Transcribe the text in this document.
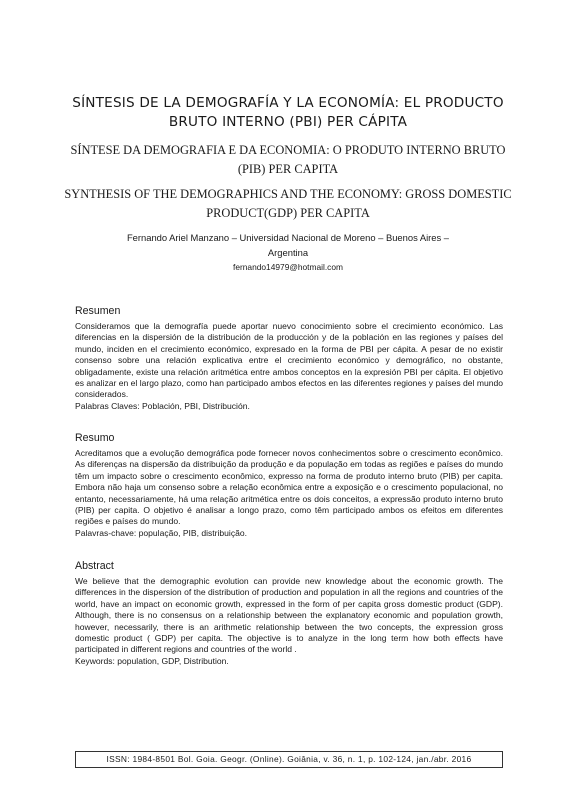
SÍNTESIS DE LA DEMOGRAFÍA Y LA ECONOMÍA: EL PRODUCTO BRUTO INTERNO (PBI) PER CÁPITA
SÍNTESE DA DEMOGRAFIA E DA ECONOMIA: O PRODUTO INTERNO BRUTO (PIB) PER CAPITA
SYNTHESIS OF THE DEMOGRAPHICS AND THE ECONOMY: GROSS DOMESTIC PRODUCT(GDP) PER CAPITA
Fernando Ariel Manzano – Universidad Nacional de Moreno – Buenos Aires – Argentina
fernando14979@hotmail.com
Resumen

Consideramos que la demografía puede aportar nuevo conocimiento sobre el crecimiento económico. Las diferencias en la dispersión de la distribución de la producción y de la población en las regiones y países del mundo, inciden en el crecimiento económico, expresado en la forma de PBI per cápita. A pesar de no existir consenso sobre una relación explicativa entre el crecimiento económico y demográfico, no obstante, obligadamente, existe una relación aritmética entre ambos conceptos en la expresión PBI per cápita. El objetivo es analizar en el largo plazo, como han participado ambos efectos en las diferentes regiones y países del mundo considerados.
Palabras Claves: Población, PBI, Distribución.

Resumo

Acreditamos que a evolução demográfica pode fornecer novos conhecimentos sobre o crescimento econômico. As diferenças na dispersão da distribuição da produção e da população em todas as regiões e países do mundo têm um impacto sobre o crescimento econômico, expresso na forma de produto interno bruto (PIB) per capita. Embora não haja um consenso sobre a relação econômica entre a exposição e o crescimento populacional, no entanto, necessariamente, há uma relação aritmética entre os dois conceitos, a expressão produto interno bruto (PIB) per capita. O objetivo é analisar a longo prazo, como têm participado ambos os efeitos em diferentes regiões e países do mundo.
Palavras-chave: população, PIB, distribuição.

Abstract

We believe that the demographic evolution can provide new knowledge about the economic growth. The differences in the dispersion of the distribution of production and population in all the regions and countries of the world, have an impact on economic growth, expressed in the form of per capita gross domestic product (GDP). Although, there is no consensus on a relationship between the explanatory economic and population growth, however, necessarily, there is an arithmetic relationship between the two concepts, the expression gross domestic product ( GDP) per capita. The objective is to analyze in the long term how both effects have participated in different regions and countries of the world .
Keywords: population, GDP, Distribution.

ISSN: 1984-8501 Bol. Goia. Geogr. (Online). Goiânia, v. 36, n. 1, p. 102-124, jan./abr. 2016
